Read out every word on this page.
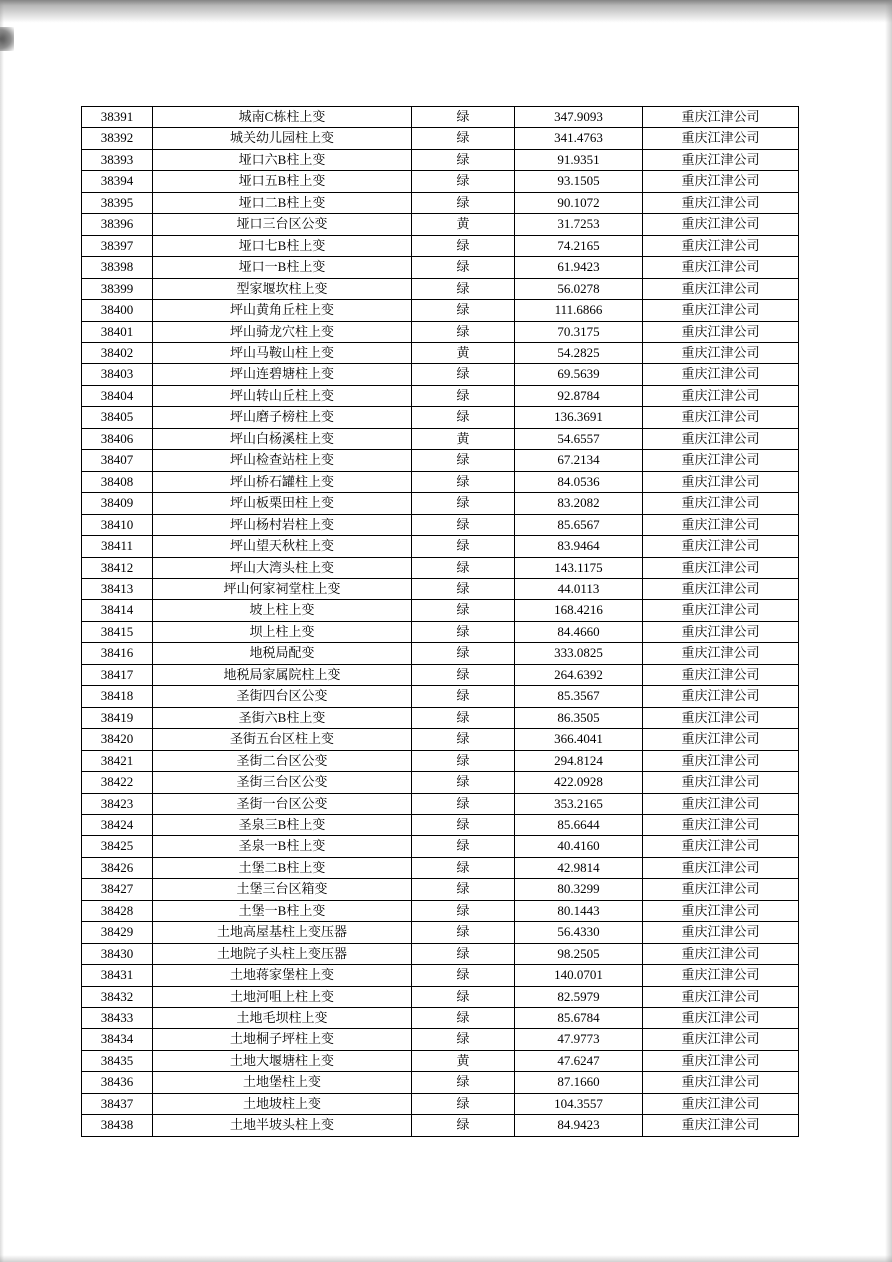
38391	城南C栋柱上变	绿	347.9093	重庆江津公司
38392	城关幼儿园柱上变	绿	341.4763	重庆江津公司
38393	垭口六B柱上变	绿	91.9351	重庆江津公司
38394	垭口五B柱上变	绿	93.1505	重庆江津公司
38395	垭口二B柱上变	绿	90.1072	重庆江津公司
38396	垭口三台区公变	黄	31.7253	重庆江津公司
38397	垭口七B柱上变	绿	74.2165	重庆江津公司
38398	垭口一B柱上变	绿	61.9423	重庆江津公司
38399	型家堰坎柱上变	绿	56.0278	重庆江津公司
38400	坪山黄角丘柱上变	绿	111.6866	重庆江津公司
38401	坪山骑龙穴柱上变	绿	70.3175	重庆江津公司
38402	坪山马鞍山柱上变	黄	54.2825	重庆江津公司
38403	坪山连碧塘柱上变	绿	69.5639	重庆江津公司
38404	坪山转山丘柱上变	绿	92.8784	重庆江津公司
38405	坪山磨子榜柱上变	绿	136.3691	重庆江津公司
38406	坪山白杨溪柱上变	黄	54.6557	重庆江津公司
38407	坪山检查站柱上变	绿	67.2134	重庆江津公司
38408	坪山桥石罐柱上变	绿	84.0536	重庆江津公司
38409	坪山板栗田柱上变	绿	83.2082	重庆江津公司
38410	坪山杨村岩柱上变	绿	85.6567	重庆江津公司
38411	坪山望天秋柱上变	绿	83.9464	重庆江津公司
38412	坪山大湾头柱上变	绿	143.1175	重庆江津公司
38413	坪山何家祠堂柱上变	绿	44.0113	重庆江津公司
38414	坡上柱上变	绿	168.4216	重庆江津公司
38415	坝上柱上变	绿	84.4660	重庆江津公司
38416	地税局配变	绿	333.0825	重庆江津公司
38417	地税局家属院柱上变	绿	264.6392	重庆江津公司
38418	圣街四台区公变	绿	85.3567	重庆江津公司
38419	圣街六B柱上变	绿	86.3505	重庆江津公司
38420	圣街五台区柱上变	绿	366.4041	重庆江津公司
38421	圣街二台区公变	绿	294.8124	重庆江津公司
38422	圣街三台区公变	绿	422.0928	重庆江津公司
38423	圣街一台区公变	绿	353.2165	重庆江津公司
38424	圣泉三B柱上变	绿	85.6644	重庆江津公司
38425	圣泉一B柱上变	绿	40.4160	重庆江津公司
38426	土堡二B柱上变	绿	42.9814	重庆江津公司
38427	土堡三台区箱变	绿	80.3299	重庆江津公司
38428	土堡一B柱上变	绿	80.1443	重庆江津公司
38429	土地高屋基柱上变压器	绿	56.4330	重庆江津公司
38430	土地院子头柱上变压器	绿	98.2505	重庆江津公司
38431	土地蒋家堡柱上变	绿	140.0701	重庆江津公司
38432	土地河咀上柱上变	绿	82.5979	重庆江津公司
38433	土地毛坝柱上变	绿	85.6784	重庆江津公司
38434	土地桐子坪柱上变	绿	47.9773	重庆江津公司
38435	土地大堰塘柱上变	黄	47.6247	重庆江津公司
38436	土地堡柱上变	绿	87.1660	重庆江津公司
38437	土地坡柱上变	绿	104.3557	重庆江津公司
38438	土地半坡头柱上变	绿	84.9423	重庆江津公司
